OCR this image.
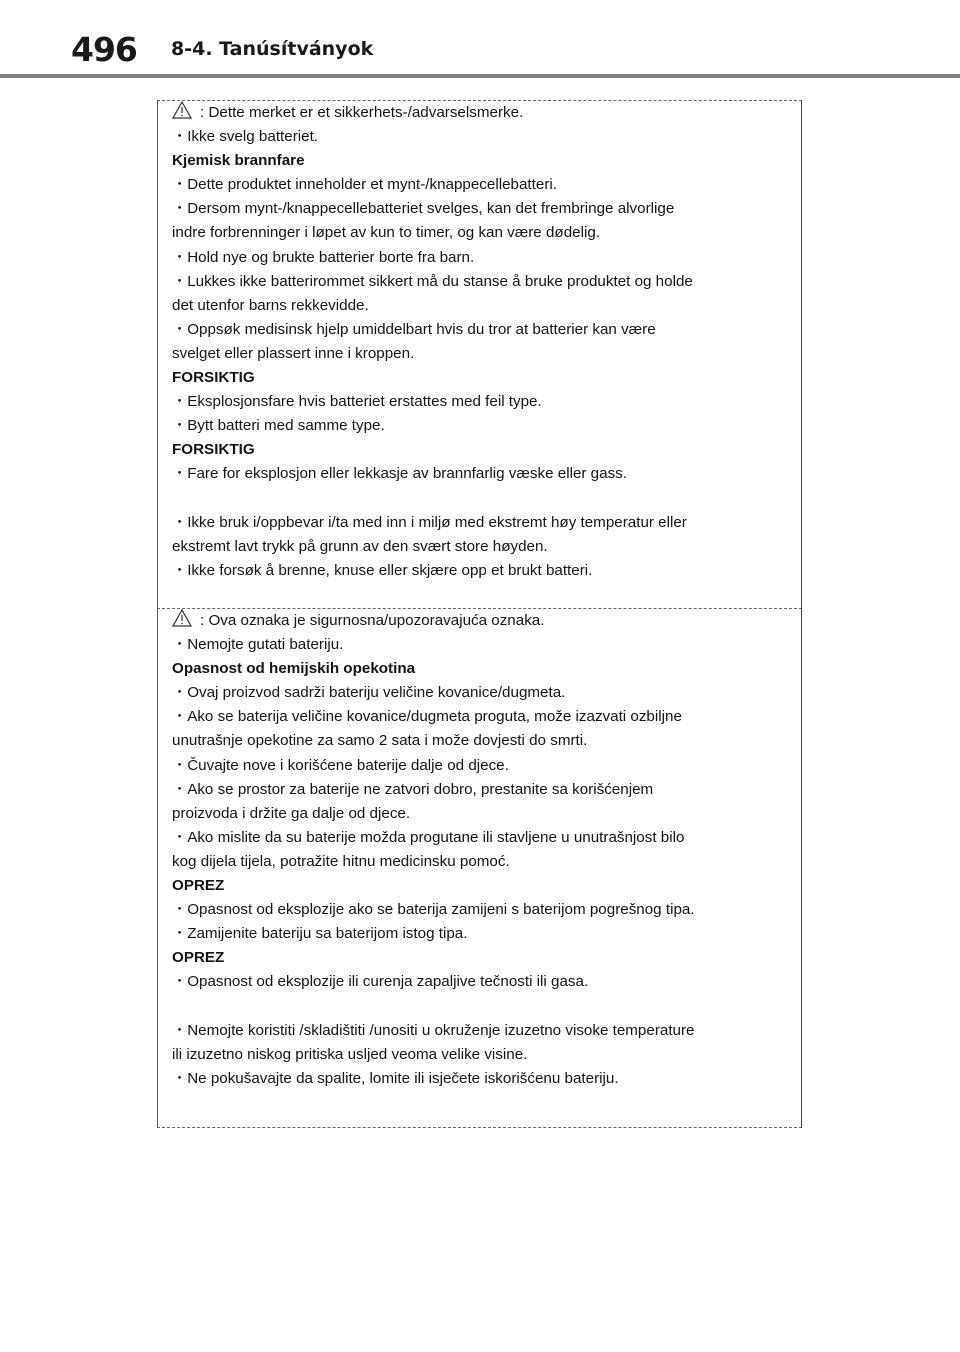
496 8-4. Tanúsítványok
: Dette merket er et sikkerhets-/advarselsmerke.
・Ikke svelg batteriet.
Kjemisk brannfare
・Dette produktet inneholder et mynt-/knappecellebatteri.
・Dersom mynt-/knappecellebatteriet svelges, kan det frembringe alvorlige
indre forbrenninger i løpet av kun to timer, og kan være dødelig.
・Hold nye og brukte batterier borte fra barn.
・Lukkes ikke batterirommet sikkert må du stanse å bruke produktet og holde
det utenfor barns rekkevidde.
・Oppsøk medisinsk hjelp umiddelbart hvis du tror at batterier kan være
svelget eller plassert inne i kroppen.
FORSIKTIG
・Eksplosjonsfare hvis batteriet erstattes med feil type.
・Bytt batteri med samme type.
FORSIKTIG
・Fare for eksplosjon eller lekkasje av brannfarlig væske eller gass.
・Ikke bruk i/oppbevar i/ta med inn i miljø med ekstremt høy temperatur eller
ekstremt lavt trykk på grunn av den svært store høyden.
・Ikke forsøk å brenne, knuse eller skjære opp et brukt batteri.
: Ova oznaka je sigurnosna/upozoravajuća oznaka.
・Nemojte gutati bateriju.
Opasnost od hemijskih opekotina
・Ovaj proizvod sadrži bateriju veličine kovanice/dugmeta.
・Ako se baterija veličine kovanice/dugmeta proguta, može izazvati ozbiljne
unutrašnje opekotine za samo 2 sata i može dovjesti do smrti.
・Čuvajte nove i korišćene baterije dalje od djece.
・Ako se prostor za baterije ne zatvori dobro, prestanite sa korišćenjem
proizvoda i držite ga dalje od djece.
・Ako mislite da su baterije možda progutane ili stavljene u unutrašnjost bilo
kog dijela tijela, potražite hitnu medicinsku pomoć.
OPREZ
・Opasnost od eksplozije ako se baterija zamijeni s baterijom pogrešnog tipa.
・Zamijenite bateriju sa baterijom istog tipa.
OPREZ
・Opasnost od eksplozije ili curenja zapaljive tečnosti ili gasa.
・Nemojte koristiti /skladištiti /unositi u okruženje izuzetno visoke temperature
ili izuzetno niskog pritiska usljed veoma velike visine.
・Ne pokušavajte da spalite, lomite ili isječete iskorišćenu bateriju.
